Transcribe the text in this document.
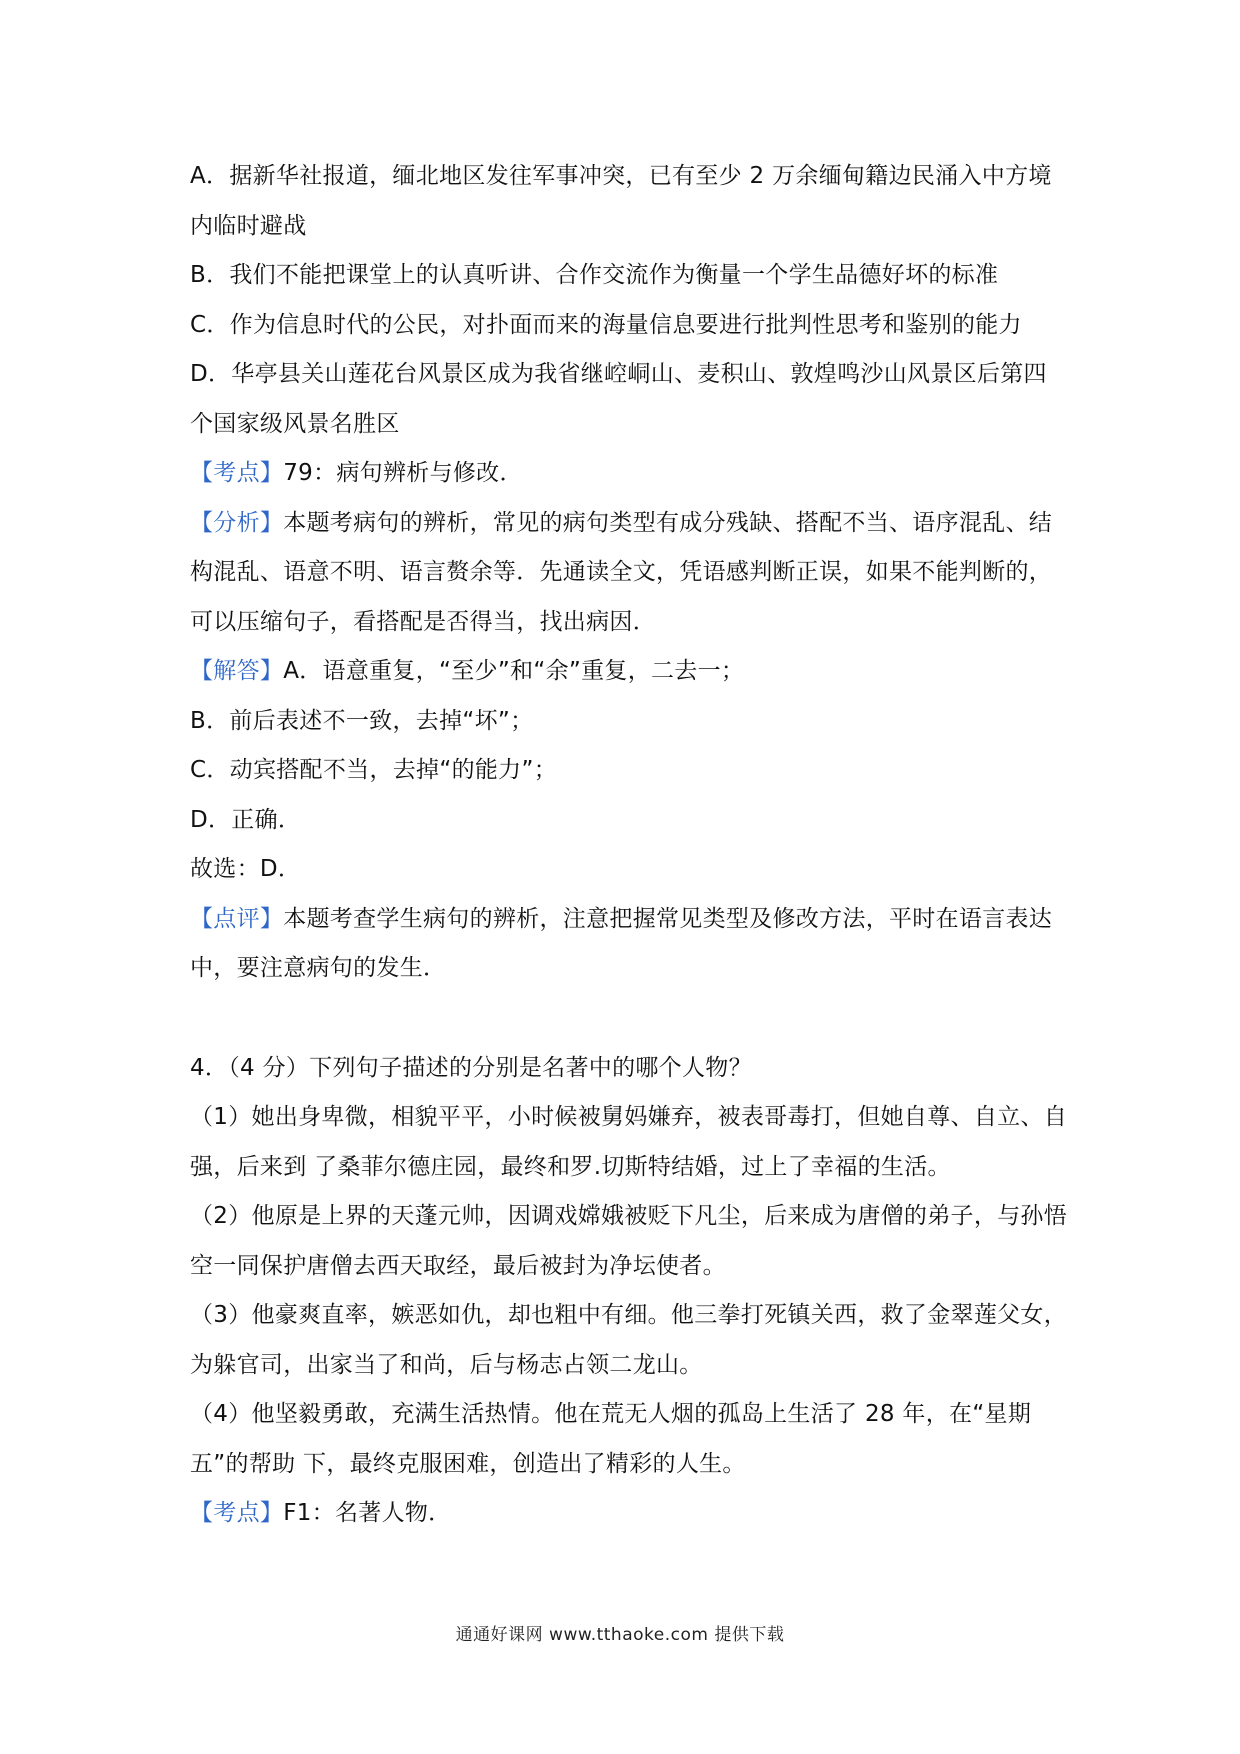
A．据新华社报道，缅北地区发往军事冲突，已有至少 2 万余缅甸籍边民涌入中方境内临时避战

B．我们不能把课堂上的认真听讲、合作交流作为衡量一个学生品德好坏的标准

C．作为信息时代的公民，对扑面而来的海量信息要进行批判性思考和鉴别的能力

D．华亭县关山莲花台风景区成为我省继崆峒山、麦积山、敦煌鸣沙山风景区后第四个国家级风景名胜区

【考点】79：病句辨析与修改．

【分析】本题考病句的辨析，常见的病句类型有成分残缺、搭配不当、语序混乱、结构混乱、语意不明、语言赘余等．先通读全文，凭语感判断正误，如果不能判断的，可以压缩句子，看搭配是否得当，找出病因．

【解答】A．语意重复，“至少”和“余”重复，二去一；

B．前后表述不一致，去掉“坏”；

C．动宾搭配不当，去掉“的能力”；

D．正确．

故选：D．

【点评】本题考查学生病句的辨析，注意把握常见类型及修改方法，平时在语言表达中，要注意病句的发生．

4．（4 分）下列句子描述的分别是名著中的哪个人物？

（1）她出身卑微，相貌平平，小时候被舅妈嫌弃，被表哥毒打，但她自尊、自立、自强，后来到 了桑菲尔德庄园，最终和罗.切斯特结婚，过上了幸福的生活。

（2）他原是上界的天蓬元帅，因调戏嫦娥被贬下凡尘，后来成为唐僧的弟子，与孙悟空一同保护唐僧去西天取经，最后被封为净坛使者。

（3）他豪爽直率，嫉恶如仇，却也粗中有细。他三拳打死镇关西，救了金翠莲父女，为躲官司，出家当了和尚，后与杨志占领二龙山。

（4）他坚毅勇敢，充满生活热情。他在荒无人烟的孤岛上生活了 28 年，在“星期五”的帮助 下，最终克服困难，创造出了精彩的人生。

【考点】F1：名著人物．

通通好课网 www.tthaoke.com 提供下载
